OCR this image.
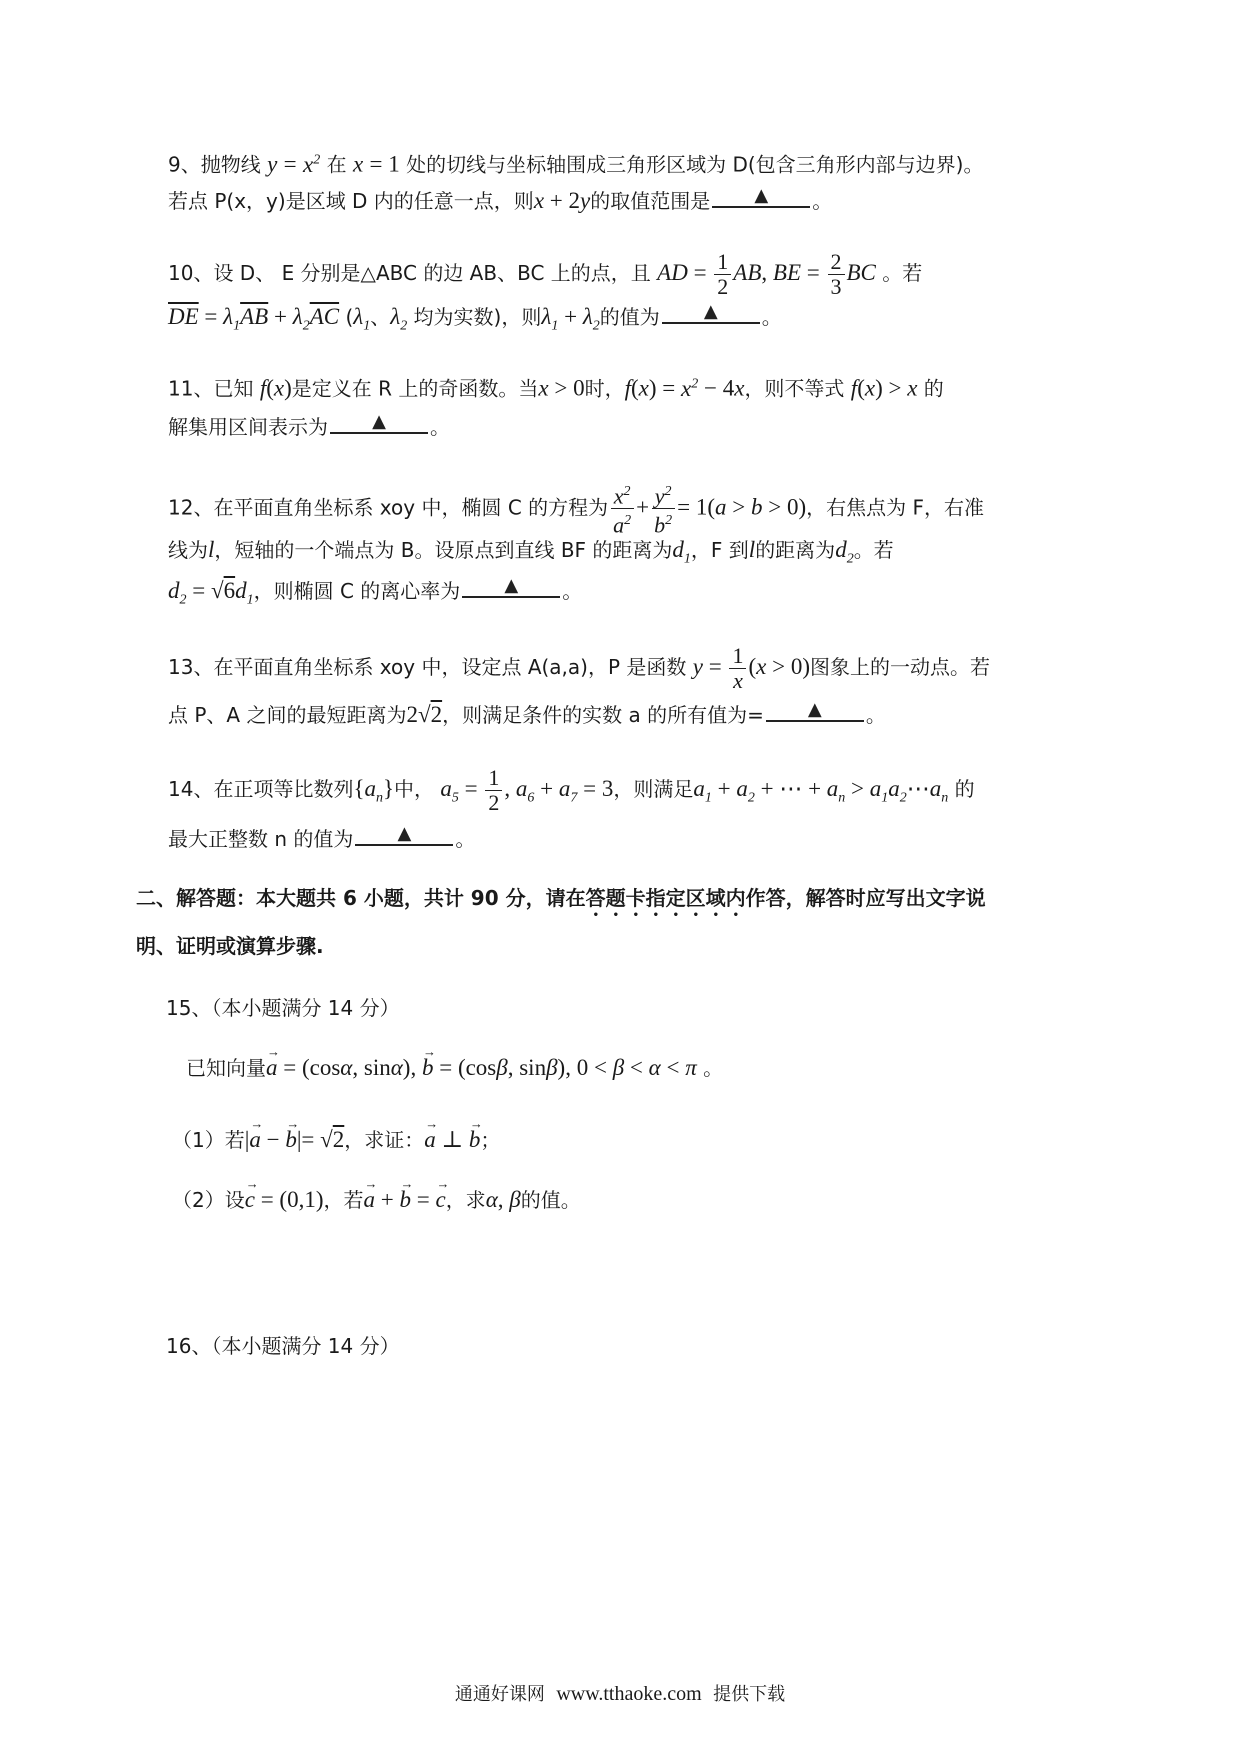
9、抛物线 $y = x^2$ 在 x = 1 处的切线与坐标轴围成三角形区域为 D(包含三角形内部与边界)。
若点 P(x，y)是区域 D 内的任意一点，则x + 2y的取值范围是	▲	。
10、设 D、 E 分别是△ABC 的边 AB、BC 上的点，且 AD = $\frac{1}{2}$ AB, BE = $\frac{2}{3}$ BC 。若
$\overline{DE} = \lambda_1\overline{AB} + \lambda_2\overline{AC}$ ($\lambda_1$、$\lambda_2$ 均为实数)，则$\lambda_1 + \lambda_2$的值为	▲	。
11、已知 f(x)是定义在 R 上的奇函数。当x > 0时，$f(x) = x^2 - 4x$，则不等式 f(x) > x 的
解集用区间表示为	▲	。
12、在平面直角坐标系 xoy 中，椭圆 C 的方程为 $\frac{x^2}{a^2} + \frac{y^2}{b^2} = 1(a > b > 0)$，右焦点为 F，右准
线为l，短轴的一个端点为 B。设原点到直线 BF 的距离为$d_1$，F 到l的距离为$d_2$。若
$d_2 = √6d_1$，则椭圆 C 的离心率为	▲	。
13、在平面直角坐标系 xoy 中，设定点 A(a,a)，P 是函数 $y = \frac{1}{x} (x > 0)$图象上的一动点。若
点 P、A 之间的最短距离为2√2，则满足条件的实数 a 的所有值为=	▲	。
14、在正项等比数列$\{a_n\}$中， $a_5 = \frac{1}{2}$ , $a_6 + a_7 = 3$，则满足$a_1 + a_2$ + ⋯ + $a_n$ > $a_1a_2\cdots a_n$ 的
最大正整数 n 的值为	▲	。
二、解答题：本大题共 6 小题，共计 90 分，请在答题卡指定区域内作答，解答时应写出文字说
明、证明或演算步骤.
15、（本小题满分 14 分）
已知向量→ a = (cosα, sinα), → b = (cosβ, sinβ), 0 < β < α < π 。
（1）若|→ a − → b|= √2，求证：→ a ⊥ → b；
（2）设→ c = (0,1)，若→ a + → b = → c，求α, β的值。
16、（本小题满分 14 分）
通通好课网 www.tthaoke.com 提供下载
